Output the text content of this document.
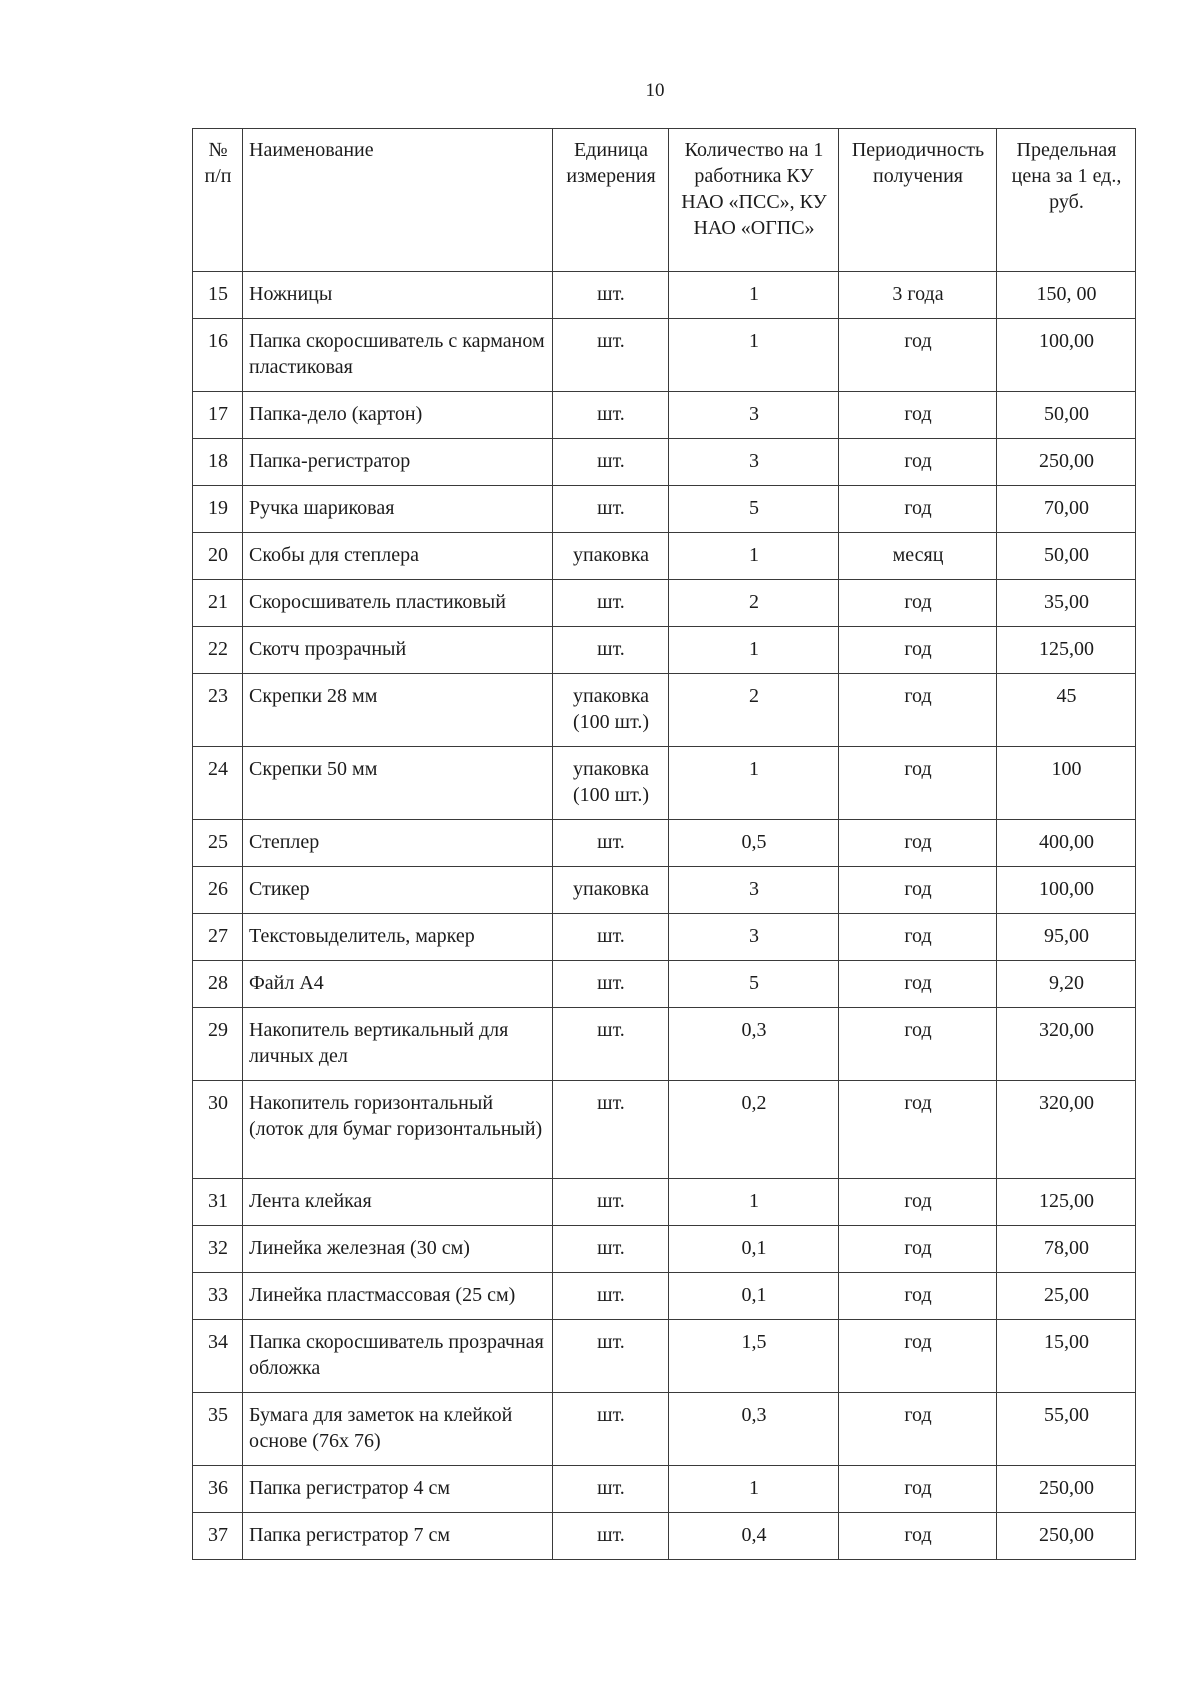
10
№ п/п	Наименование	Единица измерения	Количество на 1 работника КУ НАО «ПСС», КУ НАО «ОГПС»	Периодичность получения	Предельная цена за 1 ед., руб.
15	Ножницы	шт.	1	3 года	150, 00
16	Папка скоросшиватель с карманом пластиковая	шт.	1	год	100,00
17	Папка-дело (картон)	шт.	3	год	50,00
18	Папка-регистратор	шт.	3	год	250,00
19	Ручка шариковая	шт.	5	год	70,00
20	Скобы для степлера	упаковка	1	месяц	50,00
21	Скоросшиватель пластиковый	шт.	2	год	35,00
22	Скотч прозрачный	шт.	1	год	125,00
23	Скрепки 28 мм	упаковка (100 шт.)	2	год	45
24	Скрепки 50 мм	упаковка (100 шт.)	1	год	100
25	Степлер	шт.	0,5	год	400,00
26	Стикер	упаковка	3	год	100,00
27	Текстовыделитель, маркер	шт.	3	год	95,00
28	Файл А4	шт.	5	год	9,20
29	Накопитель вертикальный для личных дел	шт.	0,3	год	320,00
30	Накопитель горизонтальный (лоток для бумаг горизонтальный)	шт.	0,2	год	320,00
31	Лента клейкая	шт.	1	год	125,00
32	Линейка железная (30 см)	шт.	0,1	год	78,00
33	Линейка пластмассовая (25 см)	шт.	0,1	год	25,00
34	Папка скоросшиватель прозрачная обложка	шт.	1,5	год	15,00
35	Бумага для заметок на клейкой основе (76х 76)	шт.	0,3	год	55,00
36	Папка регистратор 4 см	шт.	1	год	250,00
37	Папка регистратор 7 см	шт.	0,4	год	250,00
